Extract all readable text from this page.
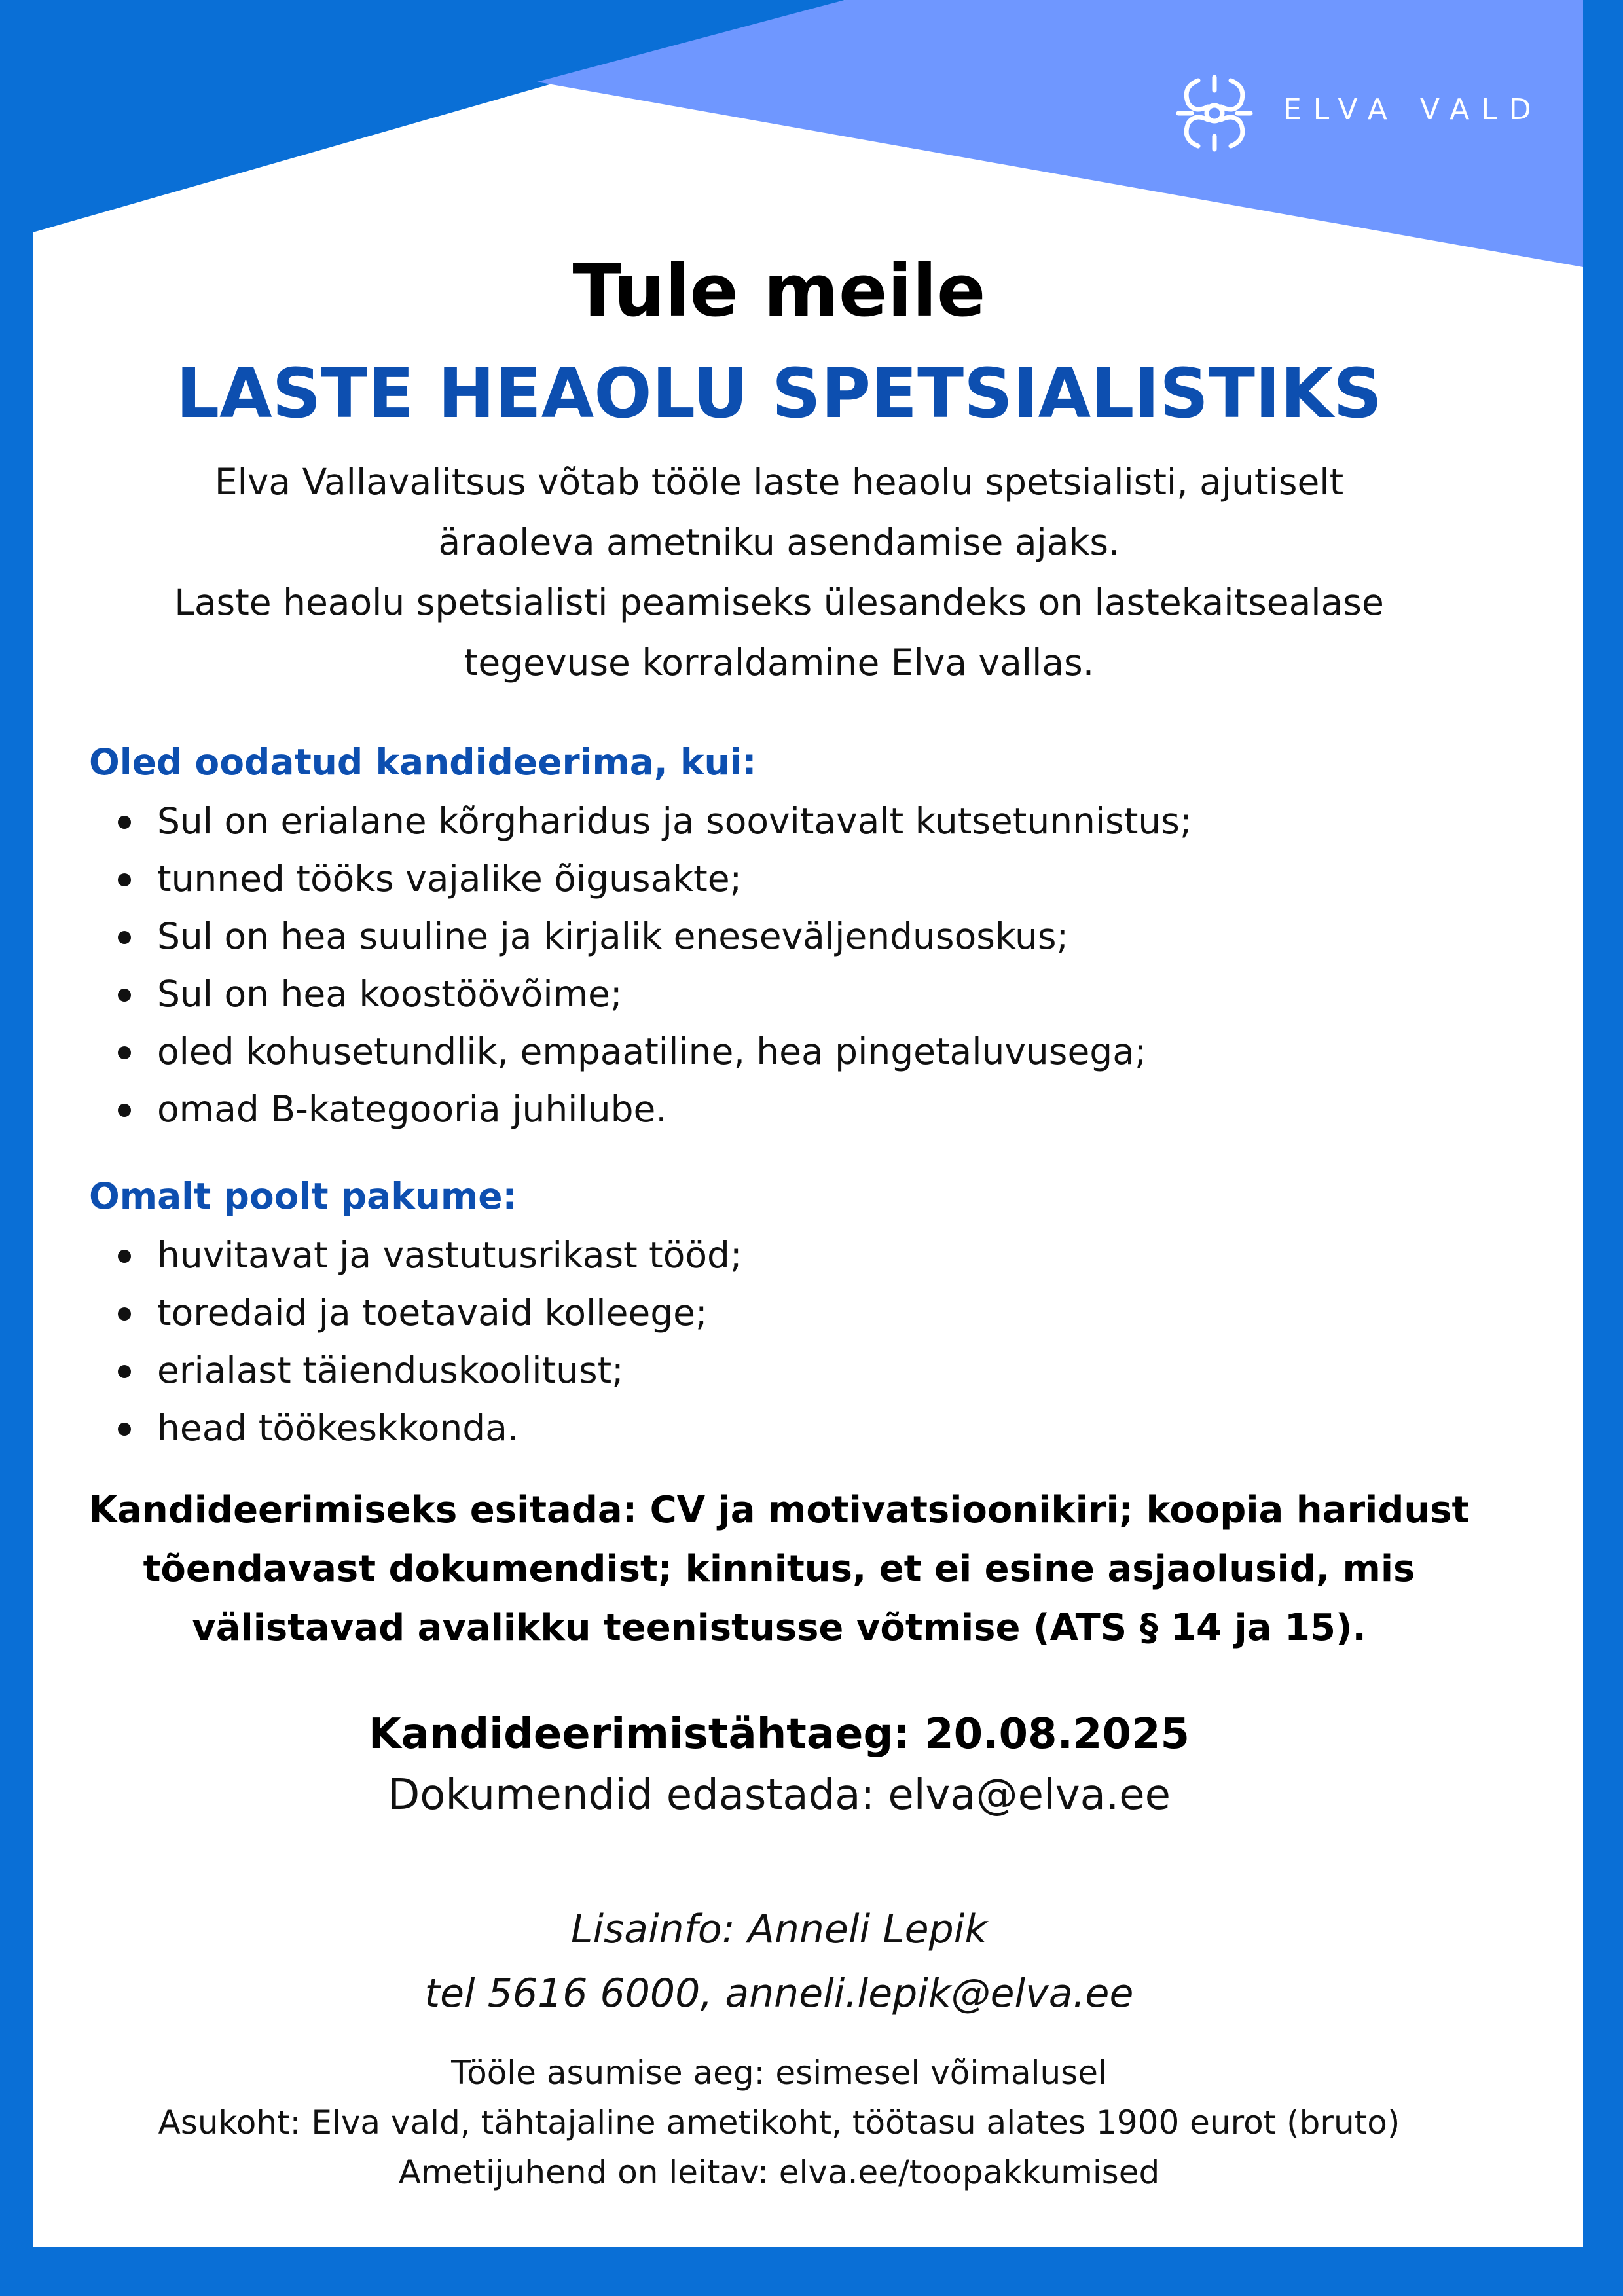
ELVA VALD
Tule meile
LASTE HEAOLU SPETSIALISTIKS
Elva Vallavalitsus võtab tööle laste heaolu spetsialisti, ajutiselt
äraoleva ametniku asendamise ajaks.
Laste heaolu spetsialisti peamiseks ülesandeks on lastekaitsealase
tegevuse korraldamine Elva vallas.
Oled oodatud kandideerima, kui:
Sul on erialane kõrgharidus ja soovitavalt kutsetunnistus;
tunned tööks vajalike õigusakte;
Sul on hea suuline ja kirjalik eneseväljendusoskus;
Sul on hea koostöövõime;
oled kohusetundlik, empaatiline, hea pingetaluvusega;
omad B-kategooria juhilube.
Omalt poolt pakume:
huvitavat ja vastutusrikast tööd;
toredaid ja toetavaid kolleege;
erialast täienduskoolitust;
head töökeskkonda.
Kandideerimiseks esitada: CV ja motivatsioonikiri; koopia haridust
tõendavast dokumendist; kinnitus, et ei esine asjaolusid, mis
välistavad avalikku teenistusse võtmise (ATS § 14 ja 15).
Kandideerimistähtaeg: 20.08.2025
Dokumendid edastada: elva@elva.ee
Lisainfo: Anneli Lepik
tel 5616 6000, anneli.lepik@elva.ee
Tööle asumise aeg: esimesel võimalusel
Asukoht: Elva vald, tähtajaline ametikoht, töötasu alates 1900 eurot (bruto)
Ametijuhend on leitav: elva.ee/toopakkumised
